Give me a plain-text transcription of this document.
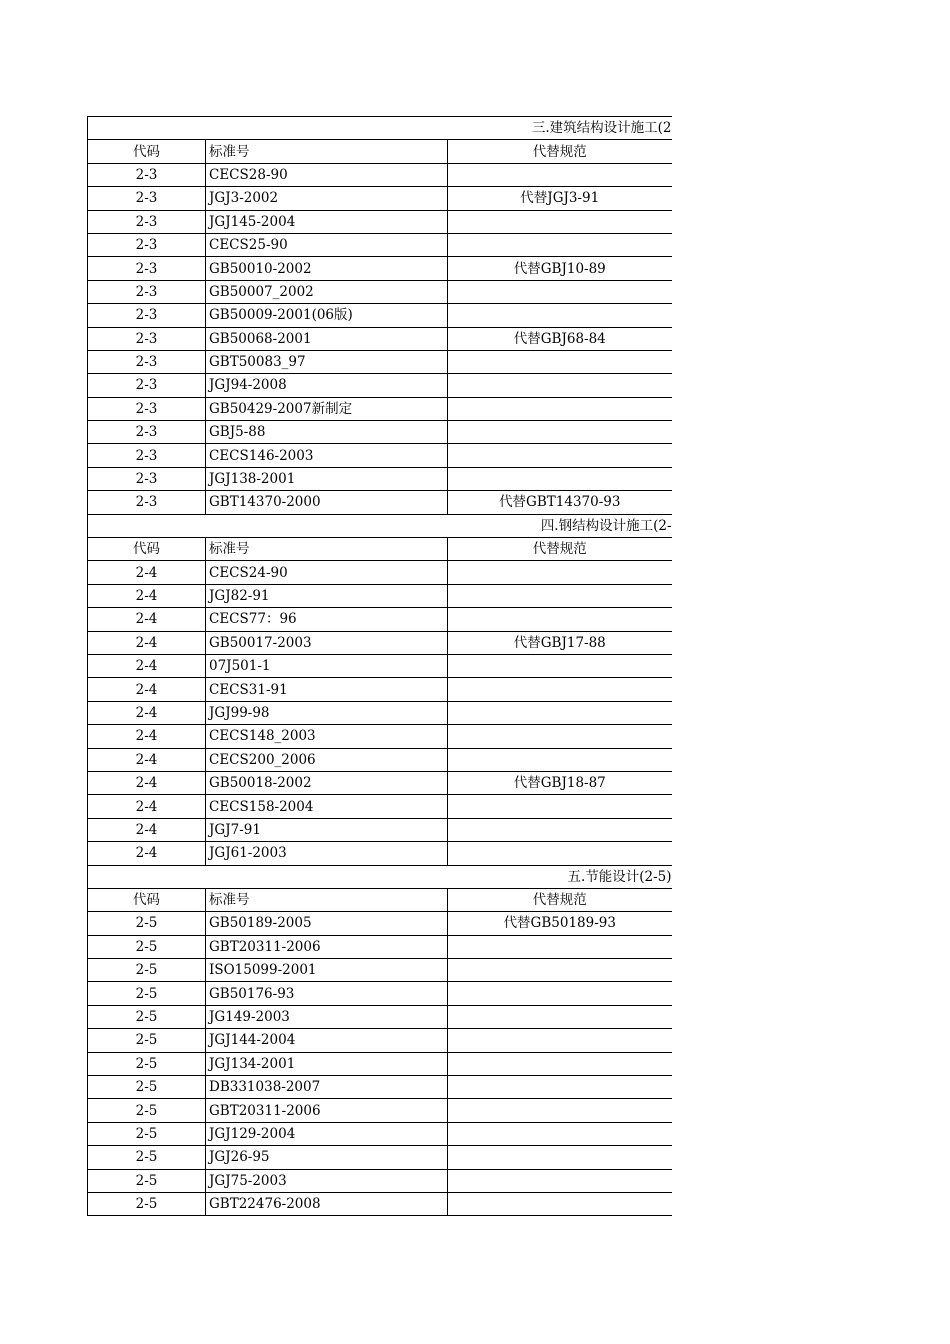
三.建筑结构设计施工(2		
代码	标准号	代替规范
2-3	CECS28-90	
2-3	JGJ3-2002	代替JGJ3-91
2-3	JGJ145-2004	
2-3	CECS25-90	
2-3	GB50010-2002	代替GBJ10-89
2-3	GB50007_2002	
2-3	GB50009-2001(06版)	
2-3	GB50068-2001	代替GBJ68-84
2-3	GBT50083_97	
2-3	JGJ94-2008	
2-3	GB50429-2007新制定	
2-3	GBJ5-88	
2-3	CECS146-2003	
2-3	JGJ138-2001	
2-3	GBT14370-2000	代替GBT14370-93
四.钢结构设计施工(2-		
代码	标准号	代替规范
2-4	CECS24-90	
2-4	JGJ82-91	
2-4	CECS77：96	
2-4	GB50017-2003	代替GBJ17-88
2-4	07J501-1	
2-4	CECS31-91	
2-4	JGJ99-98	
2-4	CECS148_2003	
2-4	CECS200_2006	
2-4	GB50018-2002	代替GBJ18-87
2-4	CECS158-2004	
2-4	JGJ7-91	
2-4	JGJ61-2003	
五.节能设计(2-5)		
代码	标准号	代替规范
2-5	GB50189-2005	代替GB50189-93
2-5	GBT20311-2006	
2-5	ISO15099-2001	
2-5	GB50176-93	
2-5	JG149-2003	
2-5	JGJ144-2004	
2-5	JGJ134-2001	
2-5	DB331038-2007	
2-5	GBT20311-2006	
2-5	JGJ129-2004	
2-5	JGJ26-95	
2-5	JGJ75-2003	
2-5	GBT22476-2008	
